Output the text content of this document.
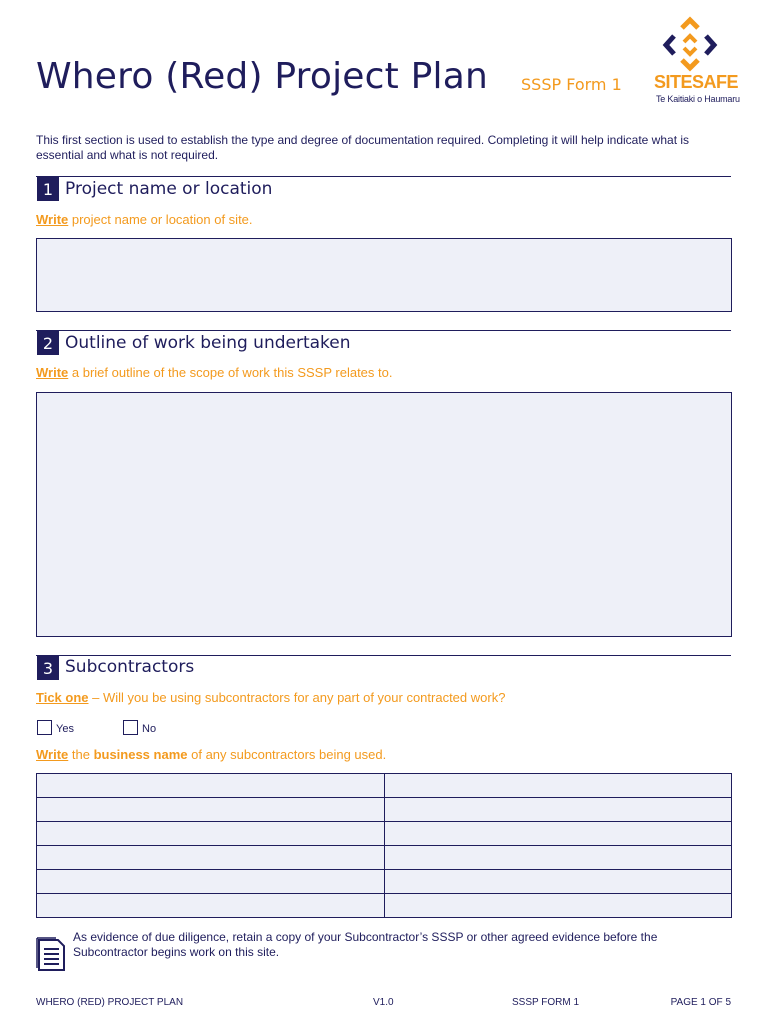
Whero (Red) Project Plan SSSP Form 1 SITESAFE
Te Kaitiaki o Haumaru
This first section is used to establish the type and degree of documentation required. Completing it will help indicate what is essential and what is not required.
1 Project name or location
Write project name or location of site.
2 Outline of work being undertaken
Write a brief outline of the scope of work this SSSP relates to.
3 Subcontractors
Tick one – Will you be using subcontractors for any part of your contracted work?
Yes	No
Write the business name of any subcontractors being used.

As evidence of due diligence, retain a copy of your Subcontractor’s SSSP or other agreed evidence before the Subcontractor begins work on this site.
WHERO (RED) PROJECT PLAN	V1.0	SSSP FORM 1	PAGE 1 OF 5
